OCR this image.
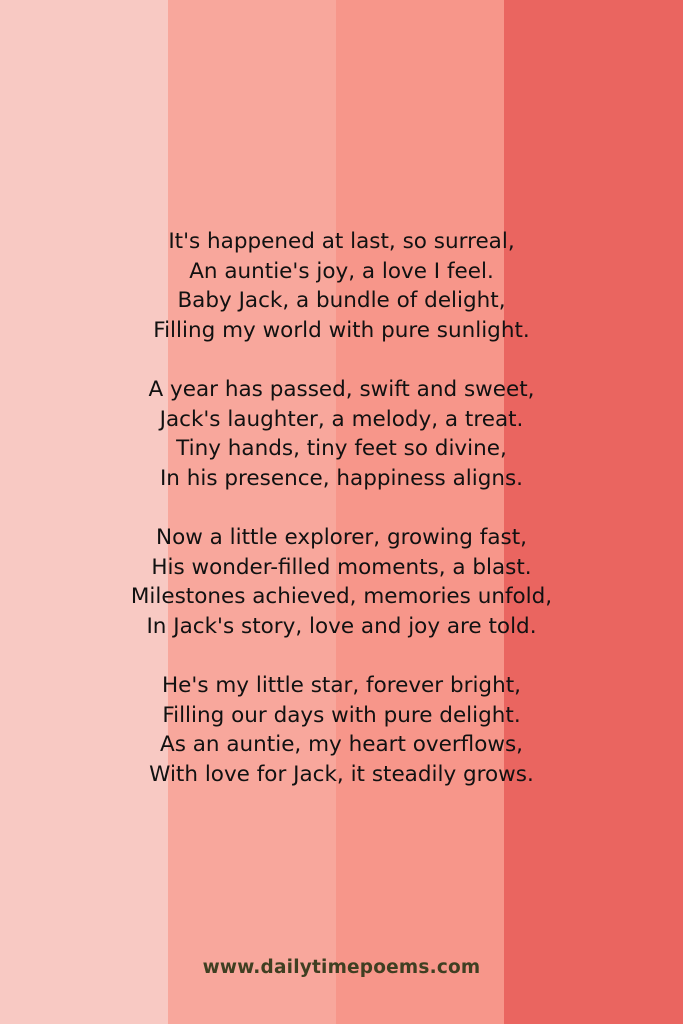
It's happened at last, so surreal,
An auntie's joy, a love I feel.
Baby Jack, a bundle of delight,
Filling my world with pure sunlight.
A year has passed, swift and sweet,
Jack's laughter, a melody, a treat.
Tiny hands, tiny feet so divine,
In his presence, happiness aligns.
Now a little explorer, growing fast,
His wonder-filled moments, a blast.
Milestones achieved, memories unfold,
In Jack's story, love and joy are told.
He's my little star, forever bright,
Filling our days with pure delight.
As an auntie, my heart overflows,
With love for Jack, it steadily grows.
www.dailytimepoems.com
